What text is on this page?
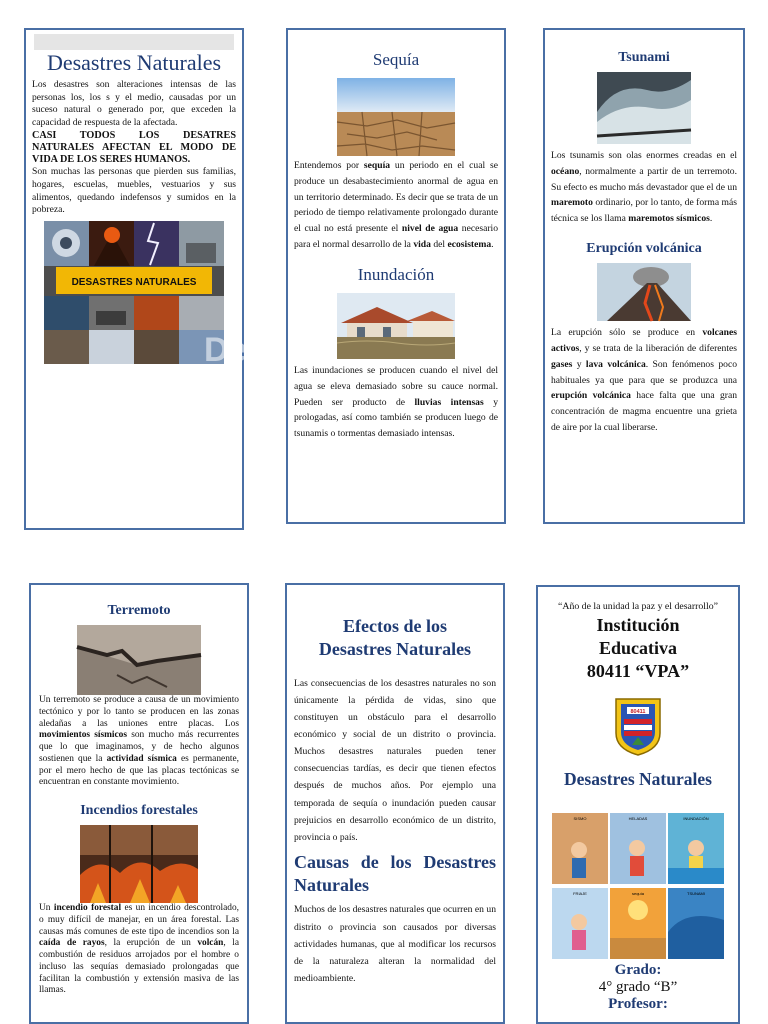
Desastres Naturales

Los desastres son alteraciones intensas de las personas los, los s y el medio, causadas por un suceso natural o generado por, que exceden la capacidad de respuesta de la afectada.

CASI TODOS LOS DESATRES NATURALES AFECTAN EL MODO DE VIDA DE LOS SERES HUMANOS.

Son muchas las personas que pierden sus familias, hogares, escuelas, muebles, vestuarios y sus alimentos, quedando indefensos y sumidos en la pobreza.

DESASTRES NATURALES
De
Sequía

Entendemos por sequía un periodo en el cual se produce un desabastecimiento anormal de agua en un territorio determinado. Es decir que se trata de un periodo de tiempo relativamente prolongado durante el cual no está presente el nivel de agua necesario para el normal desarrollo de la vida del ecosistema.

Inundación

Las inundaciones se producen cuando el nivel del agua se eleva demasiado sobre su cauce normal. Pueden ser producto de lluvias intensas y prologadas, así como también se producen luego de tsunamis o tormentas demasiado intensas.

Tsunami

Los tsunamis son olas enormes creadas en el océano, normalmente a partir de un terremoto. Su efecto es mucho más devastador que el de un maremoto ordinario, por lo tanto, de forma más técnica se los llama maremotos sísmicos.

Erupción volcánica

La erupción sólo se produce en volcanes activos, y se trata de la liberación de diferentes gases y lava volcánica. Son fenómenos poco habituales ya que para que se produzca una erupción volcánica hace falta que una gran concentración de magma encuentre una grieta de aire por la cual liberarse.

Terremoto

Un terremoto se produce a causa de un movimiento tectónico y por lo tanto se producen en las zonas aledañas a las uniones entre placas. Los movimientos sísmicos son mucho más recurrentes que lo que imaginamos, y de hecho algunos sostienen que la actividad sísmica es permanente, por el mero hecho de que las placas tectónicas se encuentran en constante movimiento.

Incendios forestales

Un incendio forestal es un incendio descontrolado, o muy difícil de manejar, en un área forestal. Las causas más comunes de este tipo de incendios son la caída de rayos, la erupción de un volcán, la combustión de residuos arrojados por el hombre o incluso las sequías demasiado prolongadas que facilitan la combustión y extensión masiva de las llamas.

Efectos de los Desastres Naturales

Las consecuencias de los desastres naturales no son únicamente la pérdida de vidas, sino que constituyen un obstáculo para el desarrollo económico y social de un distrito o provincia. Muchos desastres naturales pueden tener consecuencias tardías, es decir que tienen efectos después de muchos años. Por ejemplo una temporada de sequía o inundación pueden causar prejuicios en desarrollo económico de un distrito, provincia o país.

Causas de los Desastres Naturales

Muchos de los desastres naturales que ocurren en un distrito o provincia son causados por diversas actividades humanas, que al modificar los recursos de la naturaleza alteran la normalidad del medioambiente.

“Año de la unidad la paz y el desarrollo”

Institución
Educativa
80411 “VPA”
80411
Desastres Naturales
SISMO	HELADAS	INUNDACIÓN
FRIAJE	sequía	TSUNAMI
Grado:
4° grado “B”
Profesor:
